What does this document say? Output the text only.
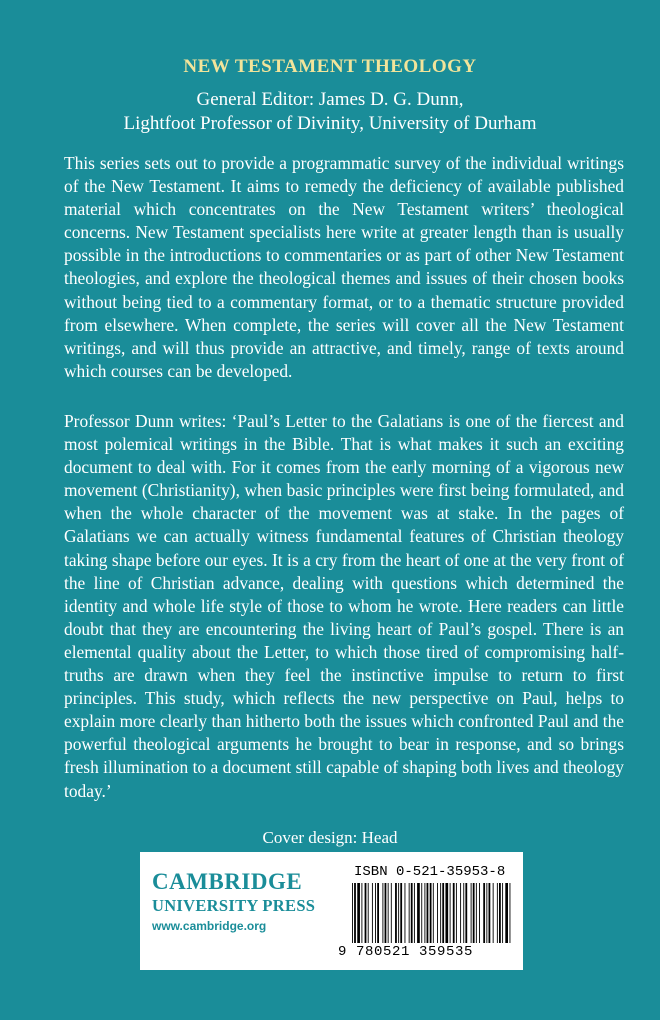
NEW TESTAMENT THEOLOGY
General Editor: James D. G. Dunn,
Lightfoot Professor of Divinity, University of Durham

This series sets out to provide a programmatic survey of the individual writings of the New Testament. It aims to remedy the deficiency of available published material which concentrates on the New Testament writers’ theological concerns. New Testament specialists here write at greater length than is usually possible in the introductions to commentaries or as part of other New Testament theologies, and explore the theological themes and issues of their chosen books without being tied to a commentary format, or to a thematic structure provided from elsewhere. When complete, the series will cover all the New Testament writings, and will thus provide an attractive, and timely, range of texts around which courses can be developed.

Professor Dunn writes: ‘Paul’s Letter to the Galatians is one of the fiercest and most polemical writings in the Bible. That is what makes it such an exciting document to deal with. For it comes from the early morning of a vigorous new movement (Christianity), when basic principles were first being formulated, and when the whole character of the movement was at stake. In the pages of Galatians we can actually witness fundamental features of Christian theology taking shape before our eyes. It is a cry from the heart of one at the very front of the line of Christian advance, dealing with questions which determined the identity and whole life style of those to whom he wrote. Here readers can little doubt that they are encountering the living heart of Paul’s gospel. There is an elemental quality about the Letter, to which those tired of compromising half-truths are drawn when they feel the instinctive impulse to return to first principles. This study, which reflects the new perspective on Paul, helps to explain more clearly than hitherto both the issues which confronted Paul and the powerful theological arguments he brought to bear in response, and so brings fresh illumination to a document still capable of shaping both lives and theology today.’

Cover design: Head
CAMBRIDGE
UNIVERSITY PRESS
www.cambridge.org
ISBN 0-521-35953-8
9 780521 359535
